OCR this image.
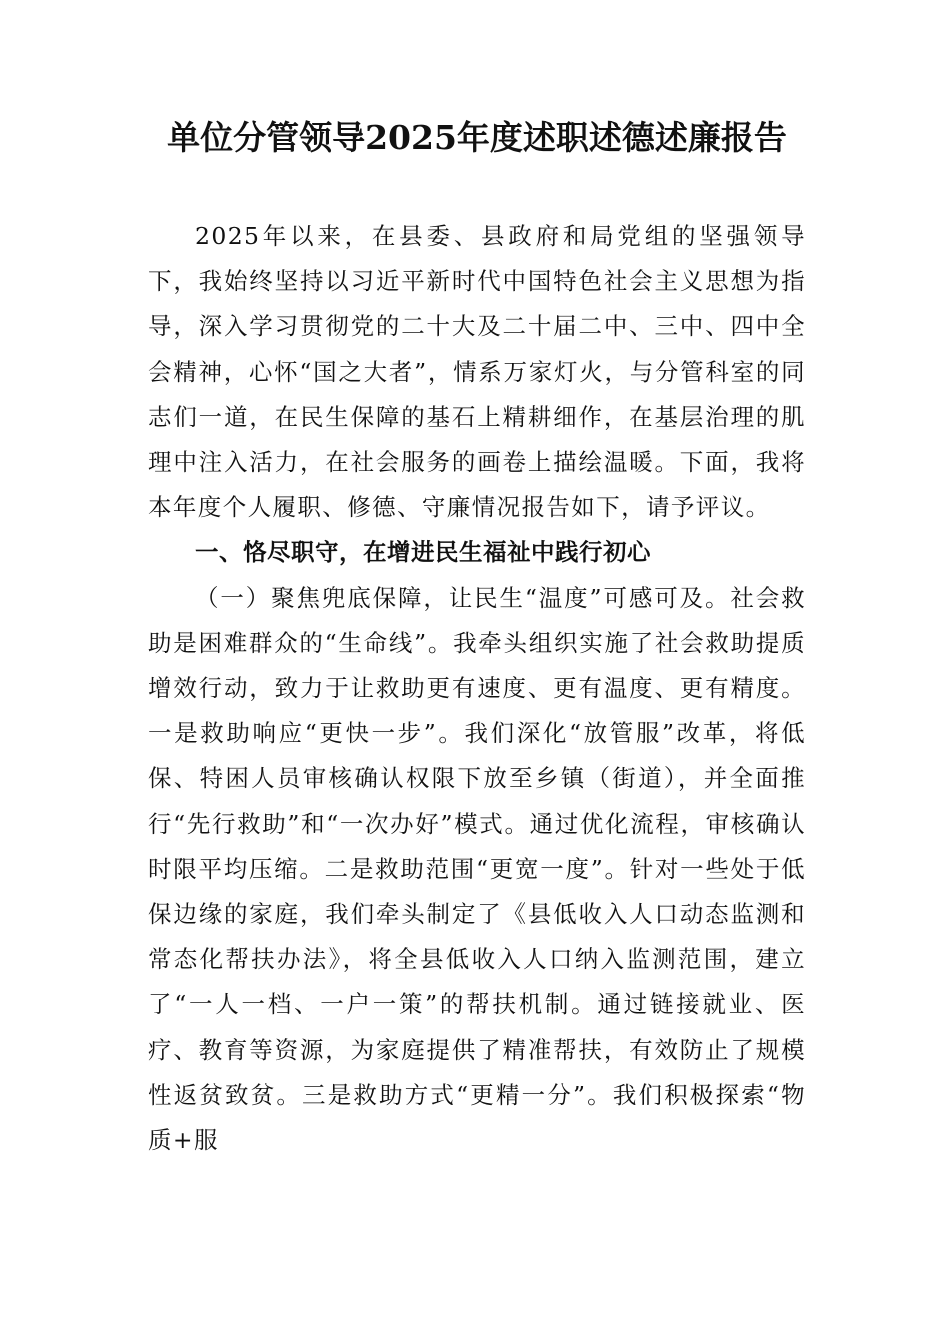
单位分管领导2025年度述职述德述廉报告

2025年以来，在县委、县政府和局党组的坚强领导下，我始终坚持以习近平新时代中国特色社会主义思想为指导，深入学习贯彻党的二十大及二十届二中、三中、四中全会精神，心怀“国之大者”，情系万家灯火，与分管科室的同志们一道，在民生保障的基石上精耕细作，在基层治理的肌理中注入活力，在社会服务的画卷上描绘温暖。下面，我将本年度个人履职、修德、守廉情况报告如下，请予评议。

一、恪尽职守，在增进民生福祉中践行初心

（一）聚焦兜底保障，让民生“温度”可感可及。社会救助是困难群众的“生命线”。我牵头组织实施了社会救助提质增效行动，致力于让救助更有速度、更有温度、更有精度。一是救助响应“更快一步”。我们深化“放管服”改革，将低保、特困人员审核确认权限下放至乡镇（街道），并全面推行“先行救助”和“一次办好”模式。通过优化流程，审核确认时限平均压缩。二是救助范围“更宽一度”。针对一些处于低保边缘的家庭，我们牵头制定了《县低收入人口动态监测和常态化帮扶办法》，将全县低收入人口纳入监测范围，建立了“一人一档、一户一策”的帮扶机制。通过链接就业、医疗、教育等资源，为家庭提供了精准帮扶，有效防止了规模性返贫致贫。三是救助方式“更精一分”。我们积极探索“物质+服
